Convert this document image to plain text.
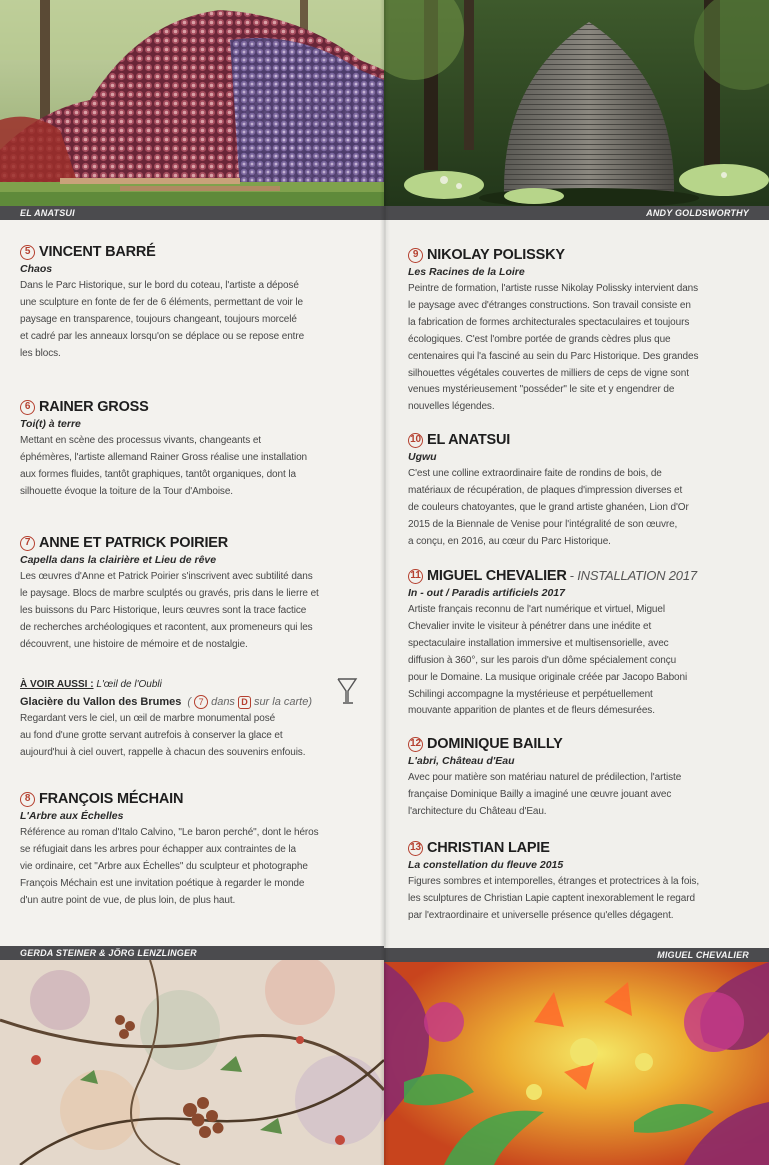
EL ANATSUI
5 VINCENT BARRÉ
Chaos

Dans le Parc Historique, sur le bord du coteau, l'artiste a déposé
une sculpture en fonte de fer de 6 éléments, permettant de voir le
paysage en transparence, toujours changeant, toujours morcelé
et cadré par les anneaux lorsqu'on se déplace ou se repose entre
les blocs.

6 RAINER GROSS
Toi(t) à terre

Mettant en scène des processus vivants, changeants et
éphémères, l'artiste allemand Rainer Gross réalise une installation
aux formes fluides, tantôt graphiques, tantôt organiques, dont la
silhouette évoque la toiture de la Tour d'Amboise.

7 ANNE ET PATRICK POIRIER
Capella dans la clairière et Lieu de rêve

Les œuvres d'Anne et Patrick Poirier s'inscrivent avec subtilité dans
le paysage. Blocs de marbre sculptés ou gravés, pris dans le lierre et
les buissons du Parc Historique, leurs œuvres sont la trace factice
de recherches archéologiques et racontent, aux promeneurs qui les
découvrent, une histoire de mémoire et de nostalgie.

À VOIR AUSSI : L'œil de l'Oubli
Glacière du Vallon des Brumes ( 7 dans D sur la carte)

Regardant vers le ciel, un œil de marbre monumental posé
au fond d'une grotte servant autrefois à conserver la glace et
aujourd'hui à ciel ouvert, rappelle à chacun des souvenirs enfouis.

8 FRANÇOIS MÉCHAIN
L'Arbre aux Échelles

Référence au roman d'Italo Calvino, "Le baron perché", dont le héros
se réfugiait dans les arbres pour échapper aux contraintes de la
vie ordinaire, cet "Arbre aux Échelles" du sculpteur et photographe
François Méchain est une invitation poétique à regarder le monde
d'un autre point de vue, de plus loin, de plus haut.

GERDA STEINER & JÖRG LENZLINGER
ANDY GOLDSWORTHY
9 NIKOLAY POLISSKY
Les Racines de la Loire

Peintre de formation, l'artiste russe Nikolay Polissky intervient dans
le paysage avec d'étranges constructions. Son travail consiste en
la fabrication de formes architecturales spectaculaires et toujours
écologiques. C'est l'ombre portée de grands cèdres plus que
centenaires qui l'a fasciné au sein du Parc Historique. Des grandes
silhouettes végétales couvertes de milliers de ceps de vigne sont
venues mystérieusement "posséder" le site et y engendrer de
nouvelles légendes.

10 EL ANATSUI
Ugwu

C'est une colline extraordinaire faite de rondins de bois, de
matériaux de récupération, de plaques d'impression diverses et
de couleurs chatoyantes, que le grand artiste ghanéen, Lion d'Or
2015 de la Biennale de Venise pour l'intégralité de son œuvre,
a conçu, en 2016, au cœur du Parc Historique.

11 MIGUEL CHEVALIER - INSTALLATION 2017
In - out / Paradis artificiels 2017

Artiste français reconnu de l'art numérique et virtuel, Miguel
Chevalier invite le visiteur à pénétrer dans une inédite et
spectaculaire installation immersive et multisensorielle, avec
diffusion à 360°, sur les parois d'un dôme spécialement conçu
pour le Domaine. La musique originale créée par Jacopo Baboni
Schilingi accompagne la mystérieuse et perpétuellement
mouvante apparition de plantes et de fleurs démesurées.

12 DOMINIQUE BAILLY
L'abri, Château d'Eau

Avec pour matière son matériau naturel de prédilection, l'artiste
française Dominique Bailly a imaginé une œuvre jouant avec
l'architecture du Château d'Eau.

13 CHRISTIAN LAPIE
La constellation du fleuve 2015

Figures sombres et intemporelles, étranges et protectrices à la fois,
les sculptures de Christian Lapie captent inexorablement le regard
par l'extraordinaire et universelle présence qu'elles dégagent.

MIGUEL CHEVALIER
